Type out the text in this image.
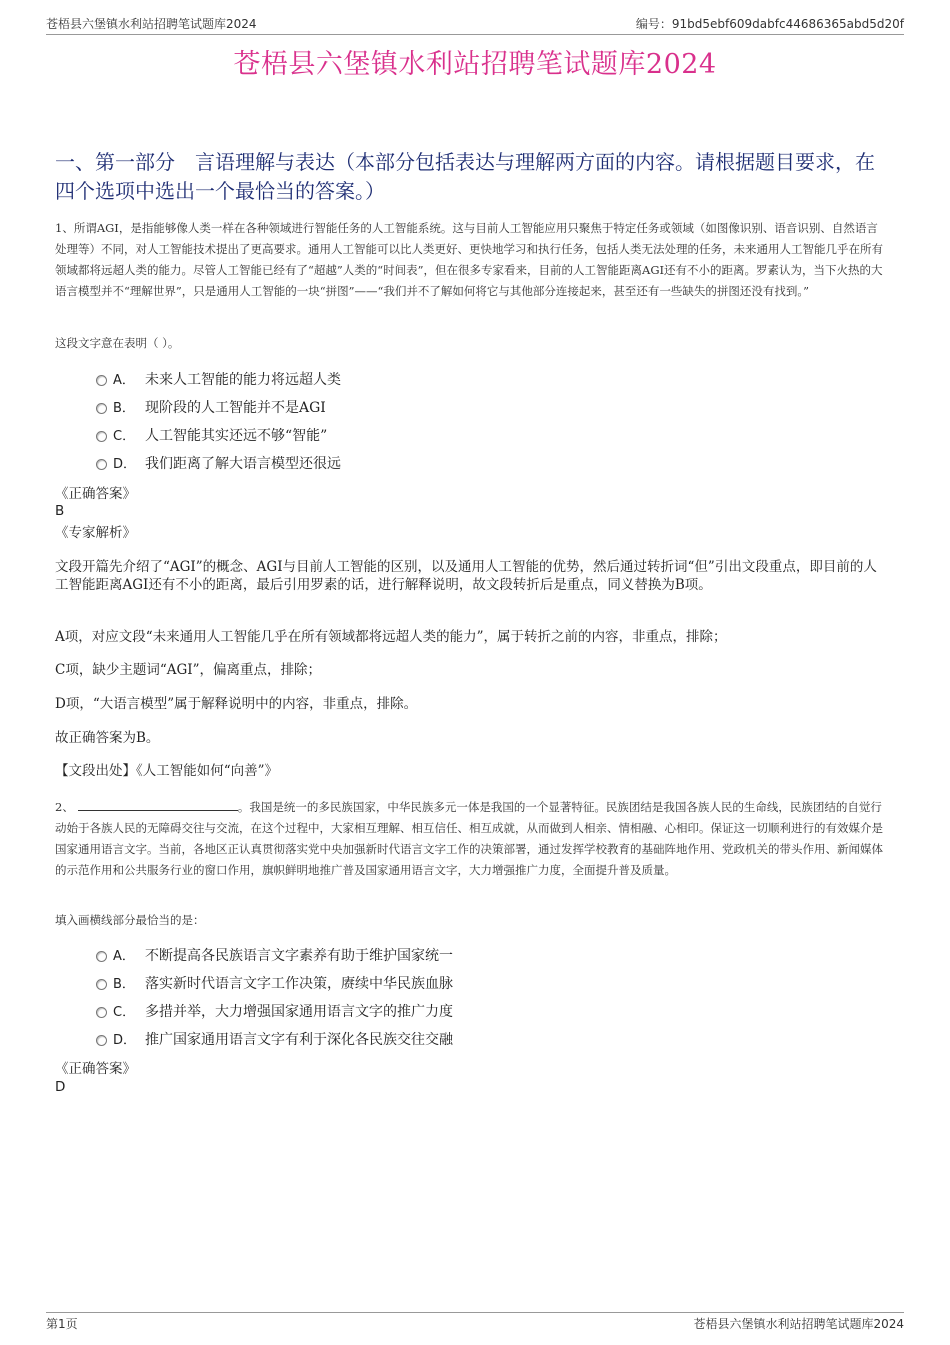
苍梧县六堡镇水利站招聘笔试题库2024	编号：91bd5ebf609dabfc44686365abd5d20f
苍梧县六堡镇水利站招聘笔试题库2024
一、第一部分　言语理解与表达（本部分包括表达与理解两方面的内容。请根据题目要求，在四个选项中选出一个最恰当的答案。）
1、所谓AGI，是指能够像人类一样在各种领域进行智能任务的人工智能系统。这与目前人工智能应用只聚焦于特定任务或领域（如图像识别、语音识别、自然语言处理等）不同，对人工智能技术提出了更高要求。通用人工智能可以比人类更好、更快地学习和执行任务，包括人类无法处理的任务，未来通用人工智能几乎在所有领域都将远超人类的能力。尽管人工智能已经有了“超越”人类的“时间表”，但在很多专家看来，目前的人工智能距离AGI还有不小的距离。罗素认为，当下火热的大语言模型并不“理解世界”，只是通用人工智能的一块“拼图”——“我们并不了解如何将它与其他部分连接起来，甚至还有一些缺失的拼图还没有找到。”
这段文字意在表明（ ）。
A． 未来人工智能的能力将远超人类
B． 现阶段的人工智能并不是AGI
C． 人工智能其实还远不够“智能”
D． 我们距离了解大语言模型还很远
《正确答案》
B
《专家解析》
文段开篇先介绍了“AGI”的概念、AGI与目前人工智能的区别，以及通用人工智能的优势，然后通过转折词“但”引出文段重点，即目前的人工智能距离AGI还有不小的距离，最后引用罗素的话，进行解释说明，故文段转折后是重点，同义替换为B项。
A项，对应文段“未来通用人工智能几乎在所有领域都将远超人类的能力”，属于转折之前的内容，非重点，排除；
C项，缺少主题词“AGI”，偏离重点，排除；
D项，“大语言模型”属于解释说明中的内容，非重点，排除。
故正确答案为B。
【文段出处】《人工智能如何“向善”》
2、	。我国是统一的多民族国家，中华民族多元一体是我国的一个显著特征。民族团结是我国各族人民的生命线，民族团结的自觉行动始于各族人民的无障碍交往与交流，在这个过程中，大家相互理解、相互信任、相互成就，从而做到人相亲、情相融、心相印。保证这一切顺利进行的有效媒介是国家通用语言文字。当前，各地区正认真贯彻落实党中央加强新时代语言文字工作的决策部署，通过发挥学校教育的基础阵地作用、党政机关的带头作用、新闻媒体的示范作用和公共服务行业的窗口作用，旗帜鲜明地推广普及国家通用语言文字，大力增强推广力度，全面提升普及质量。
填入画横线部分最恰当的是：
A． 不断提高各民族语言文字素养有助于维护国家统一
B． 落实新时代语言文字工作决策，赓续中华民族血脉
C． 多措并举，大力增强国家通用语言文字的推广力度
D． 推广国家通用语言文字有利于深化各民族交往交融
《正确答案》
D
第1页	苍梧县六堡镇水利站招聘笔试题库2024
